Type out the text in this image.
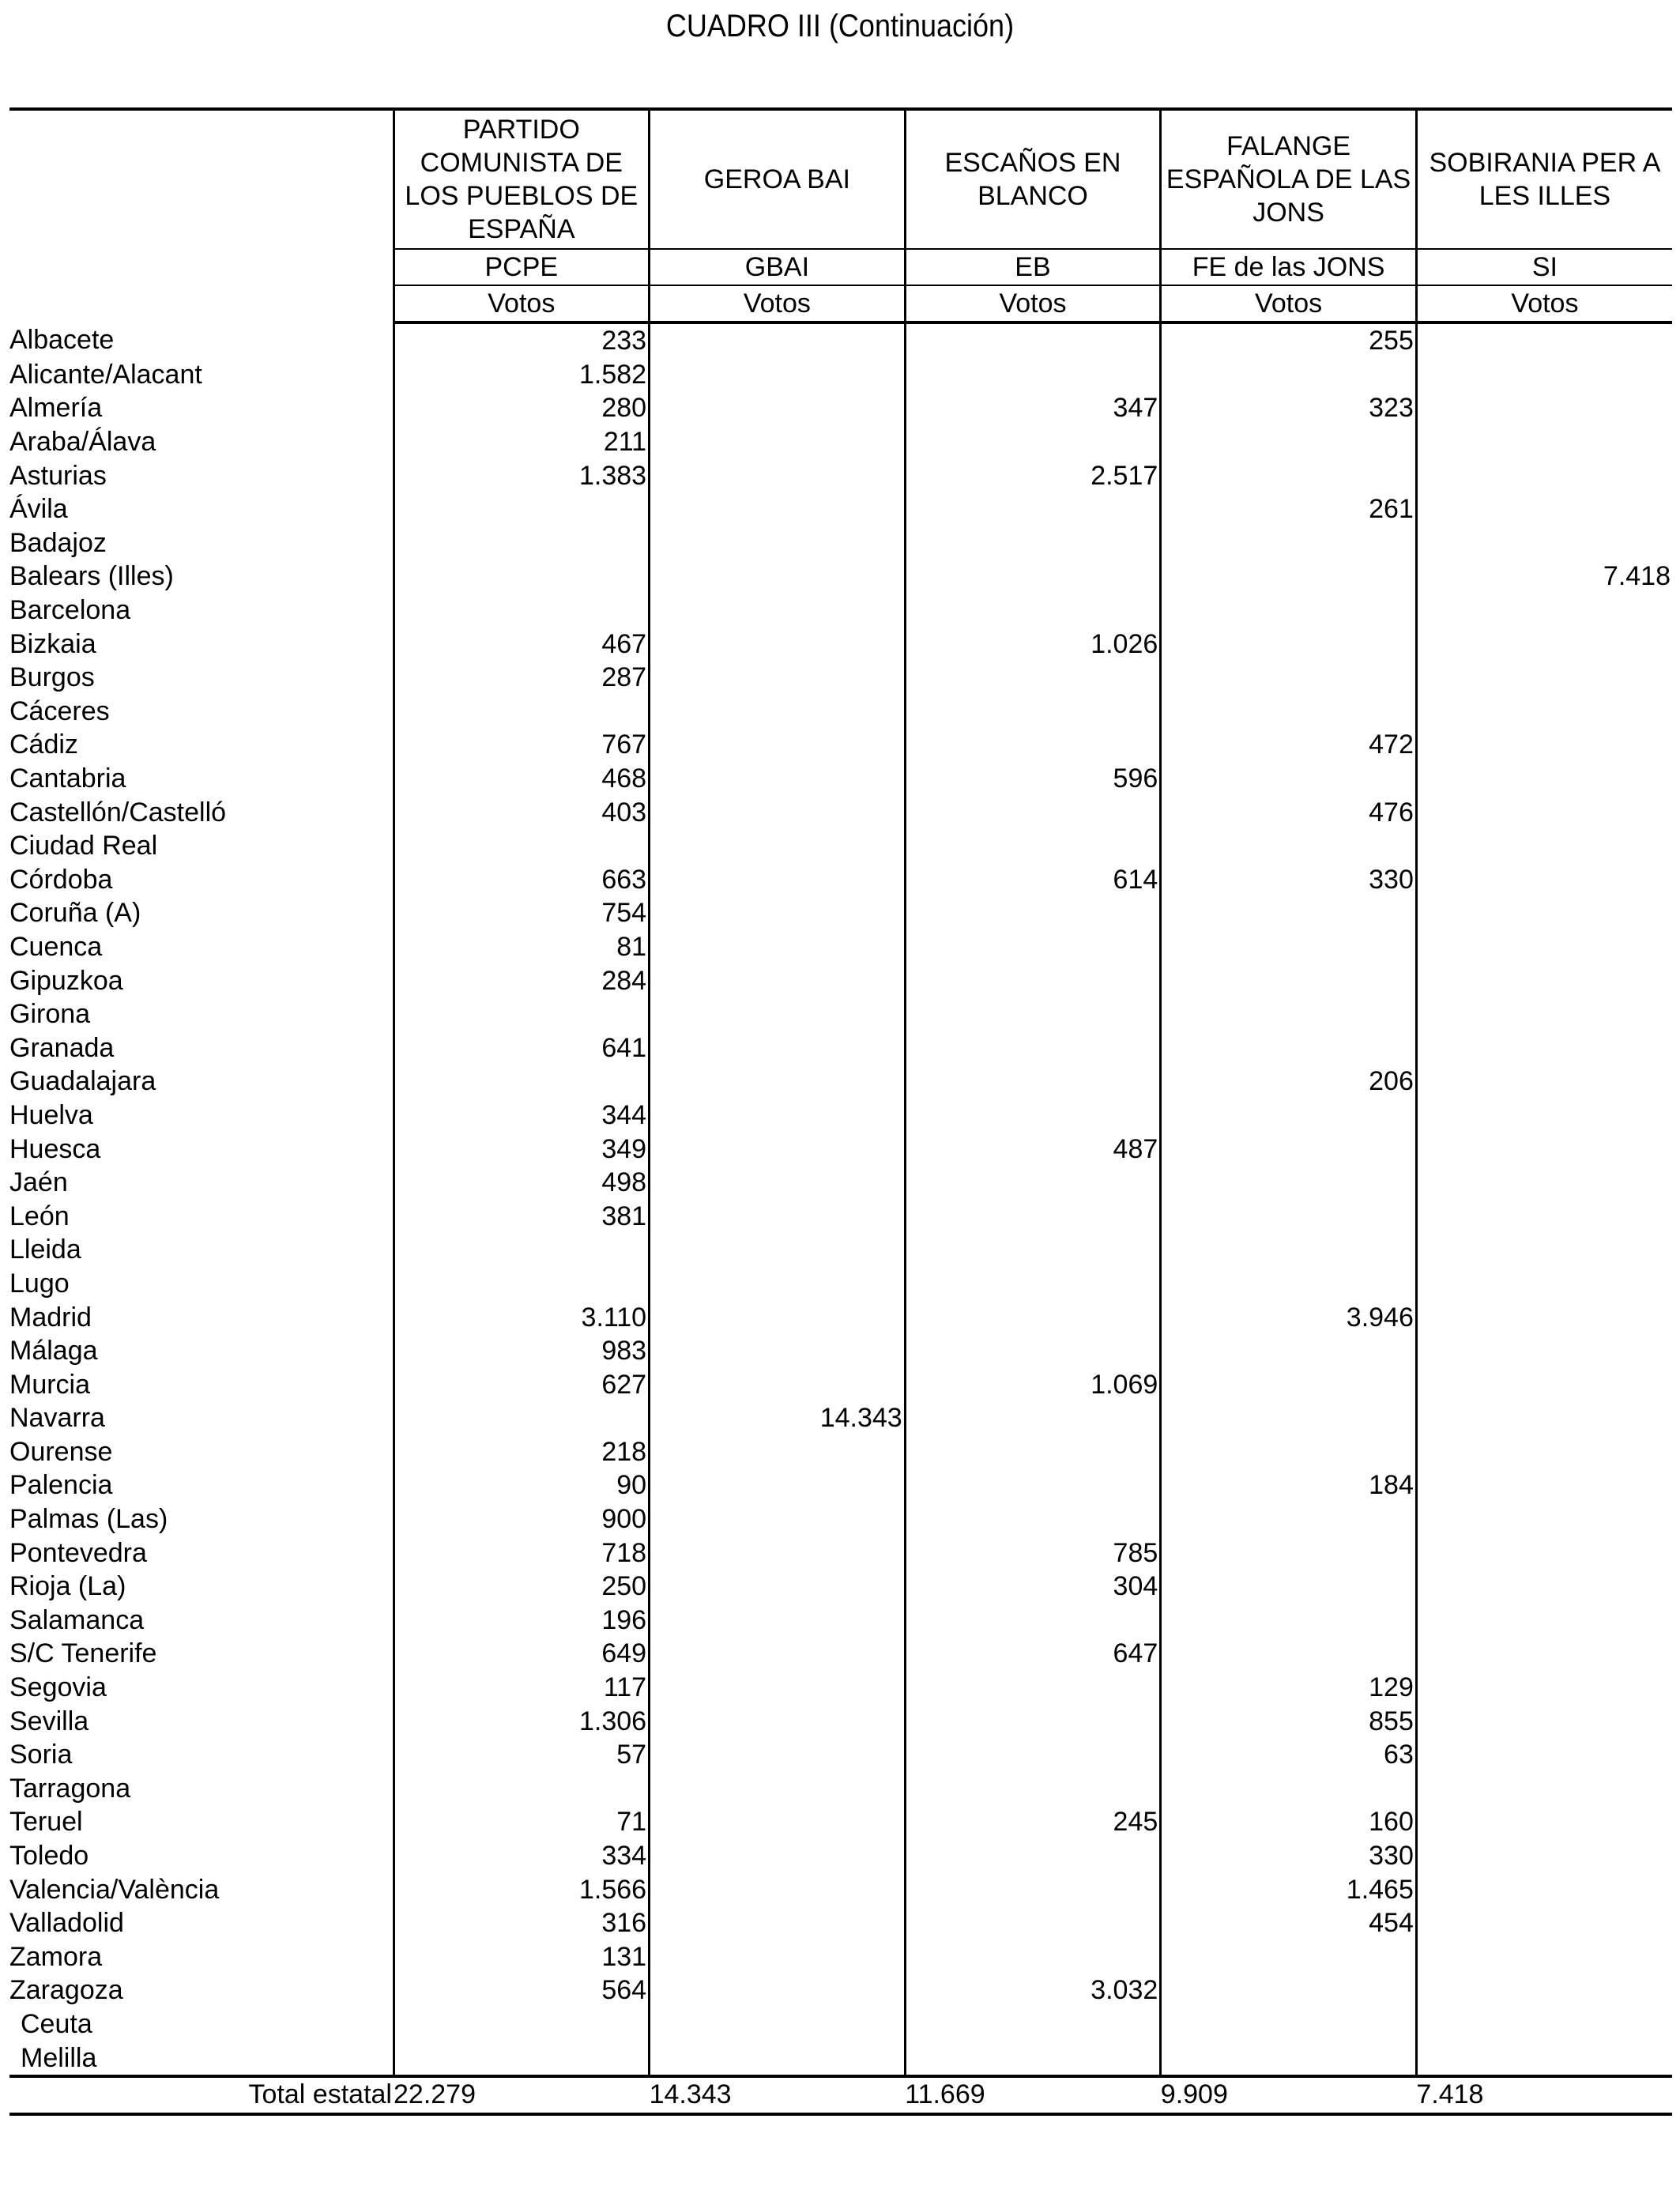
CUADRO III (Continuación)
	PARTIDO COMUNISTA DE LOS PUEBLOS DE ESPAÑA	GEROA BAI	ESCAÑOS EN BLANCO	FALANGE ESPAÑOLA DE LAS JONS	SOBIRANIA PER A LES ILLES
	PCPE	GBAI	EB	FE de las JONS	SI
	Votos	Votos	Votos	Votos	Votos
Albacete	233			255	
Alicante/Alacant	1.582				
Almería	280		347	323	
Araba/Álava	211				
Asturias	1.383		2.517		
Ávila				261	
Badajoz					
Balears (Illes)					7.418
Barcelona					
Bizkaia	467		1.026		
Burgos	287				
Cáceres					
Cádiz	767			472	
Cantabria	468		596		
Castellón/Castelló	403			476	
Ciudad Real					
Córdoba	663		614	330	
Coruña (A)	754				
Cuenca	81				
Gipuzkoa	284				
Girona					
Granada	641				
Guadalajara				206	
Huelva	344				
Huesca	349		487		
Jaén	498				
León	381				
Lleida					
Lugo					
Madrid	3.110			3.946	
Málaga	983				
Murcia	627		1.069		
Navarra		14.343			
Ourense	218				
Palencia	90			184	
Palmas (Las)	900				
Pontevedra	718		785		
Rioja (La)	250		304		
Salamanca	196				
S/C Tenerife	649		647		
Segovia	117			129	
Sevilla	1.306			855	
Soria	57			63	
Tarragona					
Teruel	71		245	160	
Toledo	334			330	
Valencia/València	1.566			1.465	
Valladolid	316			454	
Zamora	131				
Zaragoza	564		3.032		
Ceuta					
Melilla					
Total estatal	22.279	14.343	11.669	9.909	7.418
